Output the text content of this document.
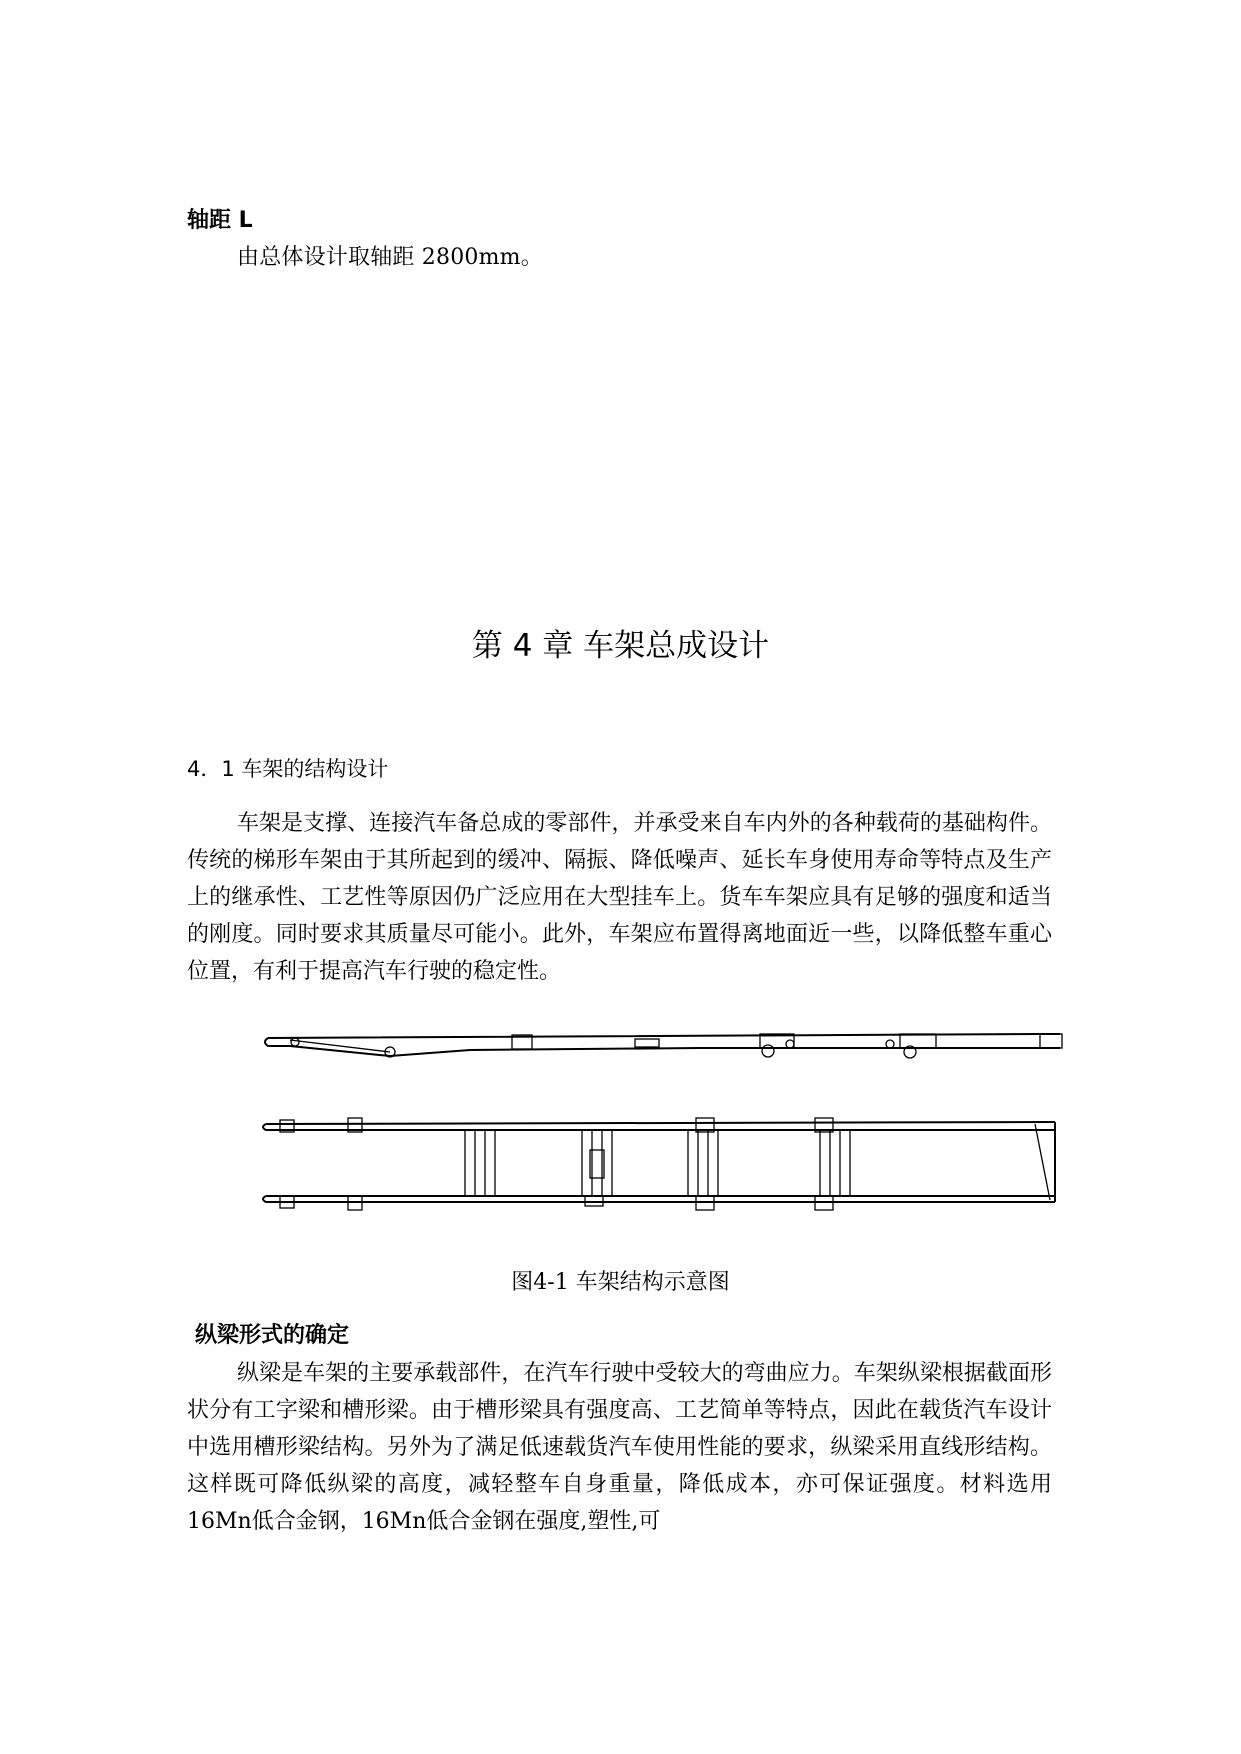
轴距 L
由总体设计取轴距 2800mm。
第 4 章 车架总成设计
4．1 车架的结构设计
车架是支撑、连接汽车备总成的零部件，并承受来自车内外的各种载荷的基础构件。传统的梯形车架由于其所起到的缓冲、隔振、降低噪声、延长车身使用寿命等特点及生产上的继承性、工艺性等原因仍广泛应用在大型挂车上。货车车架应具有足够的强度和适当的刚度。同时要求其质量尽可能小。此外，车架应布置得离地面近一些，以降低整车重心位置，有利于提高汽车行驶的稳定性。
图4-1 车架结构示意图
纵梁形式的确定
纵梁是车架的主要承载部件，在汽车行驶中受较大的弯曲应力。车架纵梁根据截面形状分有工字梁和槽形梁。由于槽形梁具有强度高、工艺简单等特点，因此在载货汽车设计中选用槽形梁结构。另外为了满足低速载货汽车使用性能的要求，纵梁采用直线形结构。这样既可降低纵梁的高度，减轻整车自身重量，降低成本，亦可保证强度。材料选用16Mn低合金钢，16Mn低合金钢在强度,塑性,可
